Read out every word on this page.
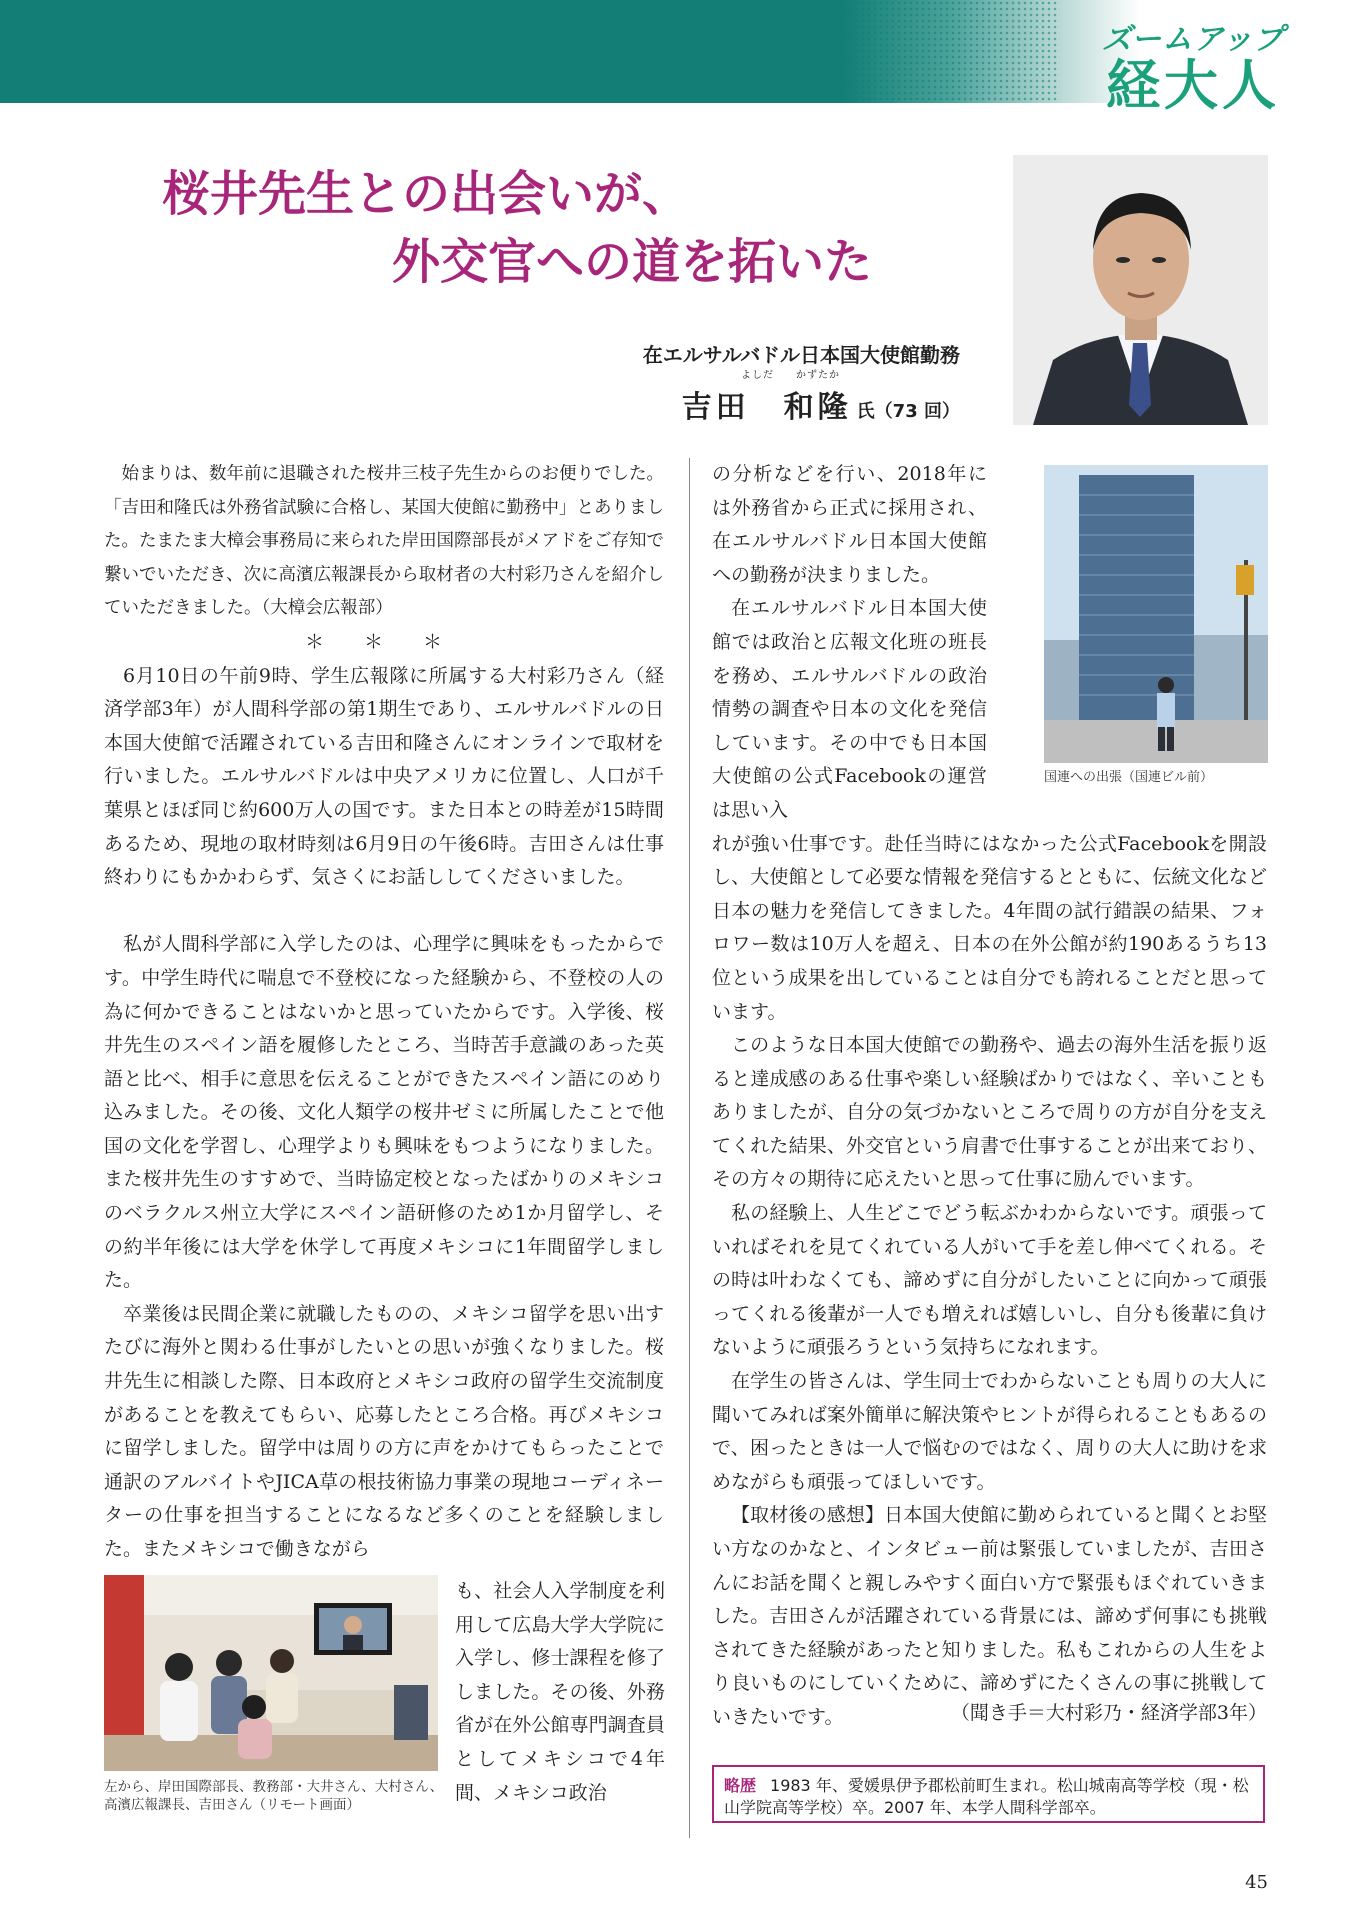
ズームアップ
経大人
桜井先生との出会いが、
外交官への道を拓いた
在エルサルバドル日本国大使館勤務
よしだ　　かずたか
吉田　和隆 氏（73 回）

始まりは、数年前に退職された桜井三枝子先生からのお便りでした。「吉田和隆氏は外務省試験に合格し、某国大使館に勤務中」とありました。たまたま大樟会事務局に来られた岸田国際部長がメアドをご存知で繋いでいただき、次に高濱広報課長から取材者の大村彩乃さんを紹介していただきました。（大樟会広報部）

＊＊＊

6月10日の午前9時、学生広報隊に所属する大村彩乃さん（経済学部3年）が人間科学部の第1期生であり、エルサルバドルの日本国大使館で活躍されている吉田和隆さんにオンラインで取材を行いました。エルサルバドルは中央アメリカに位置し、人口が千葉県とほぼ同じ約600万人の国です。また日本との時差が15時間あるため、現地の取材時刻は6月9日の午後6時。吉田さんは仕事終わりにもかかわらず、気さくにお話ししてくださいました。

私が人間科学部に入学したのは、心理学に興味をもったからです。中学生時代に喘息で不登校になった経験から、不登校の人の為に何かできることはないかと思っていたからです。入学後、桜井先生のスペイン語を履修したところ、当時苦手意識のあった英語と比べ、相手に意思を伝えることができたスペイン語にのめり込みました。その後、文化人類学の桜井ゼミに所属したことで他国の文化を学習し、心理学よりも興味をもつようになりました。また桜井先生のすすめで、当時協定校となったばかりのメキシコのベラクルス州立大学にスペイン語研修のため1か月留学し、その約半年後には大学を休学して再度メキシコに1年間留学しました。

卒業後は民間企業に就職したものの、メキシコ留学を思い出すたびに海外と関わる仕事がしたいとの思いが強くなりました。桜井先生に相談した際、日本政府とメキシコ政府の留学生交流制度があることを教えてもらい、応募したところ合格。再びメキシコに留学しました。留学中は周りの方に声をかけてもらったことで通訳のアルバイトやJICA草の根技術協力事業の現地コーディネーターの仕事を担当することになるなど多くのことを経験しました。またメキシコで働きながら

左から、岸田国際部長、教務部・大井さん、大村さん、高濱広報課長、吉田さん（リモート画面）
も、社会人入学制度を利用して広島大学大学院に入学し、修士課程を修了しました。その後、外務省が在外公館専門調査員としてメキシコで4年間、メキシコ政治
国連への出張（国連ビル前）

の分析などを行い、2018年には外務省から正式に採用され、在エルサルバドル日本国大使館への勤務が決まりました。

在エルサルバドル日本国大使館では政治と広報文化班の班長を務め、エルサルバドルの政治情勢の調査や日本の文化を発信しています。その中でも日本国大使館の公式Facebookの運営は思い入

れが強い仕事です。赴任当時にはなかった公式Facebookを開設し、大使館として必要な情報を発信するとともに、伝統文化など日本の魅力を発信してきました。4年間の試行錯誤の結果、フォロワー数は10万人を超え、日本の在外公館が約190あるうち13位という成果を出していることは自分でも誇れることだと思っています。

このような日本国大使館での勤務や、過去の海外生活を振り返ると達成感のある仕事や楽しい経験ばかりではなく、辛いこともありましたが、自分の気づかないところで周りの方が自分を支えてくれた結果、外交官という肩書で仕事することが出来ており、その方々の期待に応えたいと思って仕事に励んでいます。

私の経験上、人生どこでどう転ぶかわからないです。頑張っていればそれを見てくれている人がいて手を差し伸べてくれる。その時は叶わなくても、諦めずに自分がしたいことに向かって頑張ってくれる後輩が一人でも増えれば嬉しいし、自分も後輩に負けないように頑張ろうという気持ちになれます。

在学生の皆さんは、学生同士でわからないことも周りの大人に聞いてみれば案外簡単に解決策やヒントが得られることもあるので、困ったときは一人で悩むのではなく、周りの大人に助けを求めながらも頑張ってほしいです。

【取材後の感想】日本国大使館に勤められていると聞くとお堅い方なのかなと、インタビュー前は緊張していましたが、吉田さんにお話を聞くと親しみやすく面白い方で緊張もほぐれていきました。吉田さんが活躍されている背景には、諦めず何事にも挑戦されてきた経験があったと知りました。私もこれからの人生をより良いものにしていくために、諦めずにたくさんの事に挑戦していきたいです。	（聞き手＝大村彩乃・経済学部3年）
略歴 1983 年、愛媛県伊予郡松前町生まれ。松山城南高等学校（現・松山学院高等学校）卒。2007 年、本学人間科学部卒。
45
